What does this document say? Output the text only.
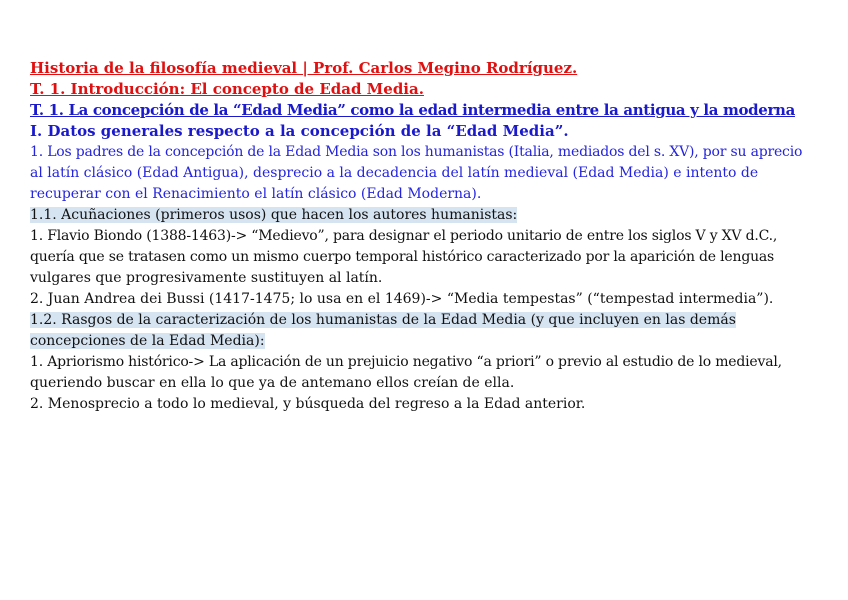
Historia de la filosofía medieval | Prof. Carlos Megino Rodríguez.
T. 1. Introducción: El concepto de Edad Media.
T. 1. La concepción de la “Edad Media” como la edad intermedia entre la antigua y la moderna
I. Datos generales respecto a la concepción de la “Edad Media”.
1. Los padres de la concepción de la Edad Media son los humanistas (Italia, mediados del s. XV), por su aprecio
al latín clásico (Edad Antigua), desprecio a la decadencia del latín medieval (Edad Media) e intento de
recuperar con el Renacimiento el latín clásico (Edad Moderna).
1.1. Acuñaciones (primeros usos) que hacen los autores humanistas:
1. Flavio Biondo (1388-1463)-> “Medievo”, para designar el periodo unitario de entre los siglos V y XV d.C.,
quería que se tratasen como un mismo cuerpo temporal histórico caracterizado por la aparición de lenguas
vulgares que progresivamente sustituyen al latín.
2. Juan Andrea dei Bussi (1417-1475; lo usa en el 1469)-> “Media tempestas” (“tempestad intermedia”).
1.2. Rasgos de la caracterización de los humanistas de la Edad Media (y que incluyen en las demás
concepciones de la Edad Media):
1. Apriorismo histórico-> La aplicación de un prejuicio negativo “a priori” o previo al estudio de lo medieval,
queriendo buscar en ella lo que ya de antemano ellos creían de ella.
2. Menosprecio a todo lo medieval, y búsqueda del regreso a la Edad anterior.
